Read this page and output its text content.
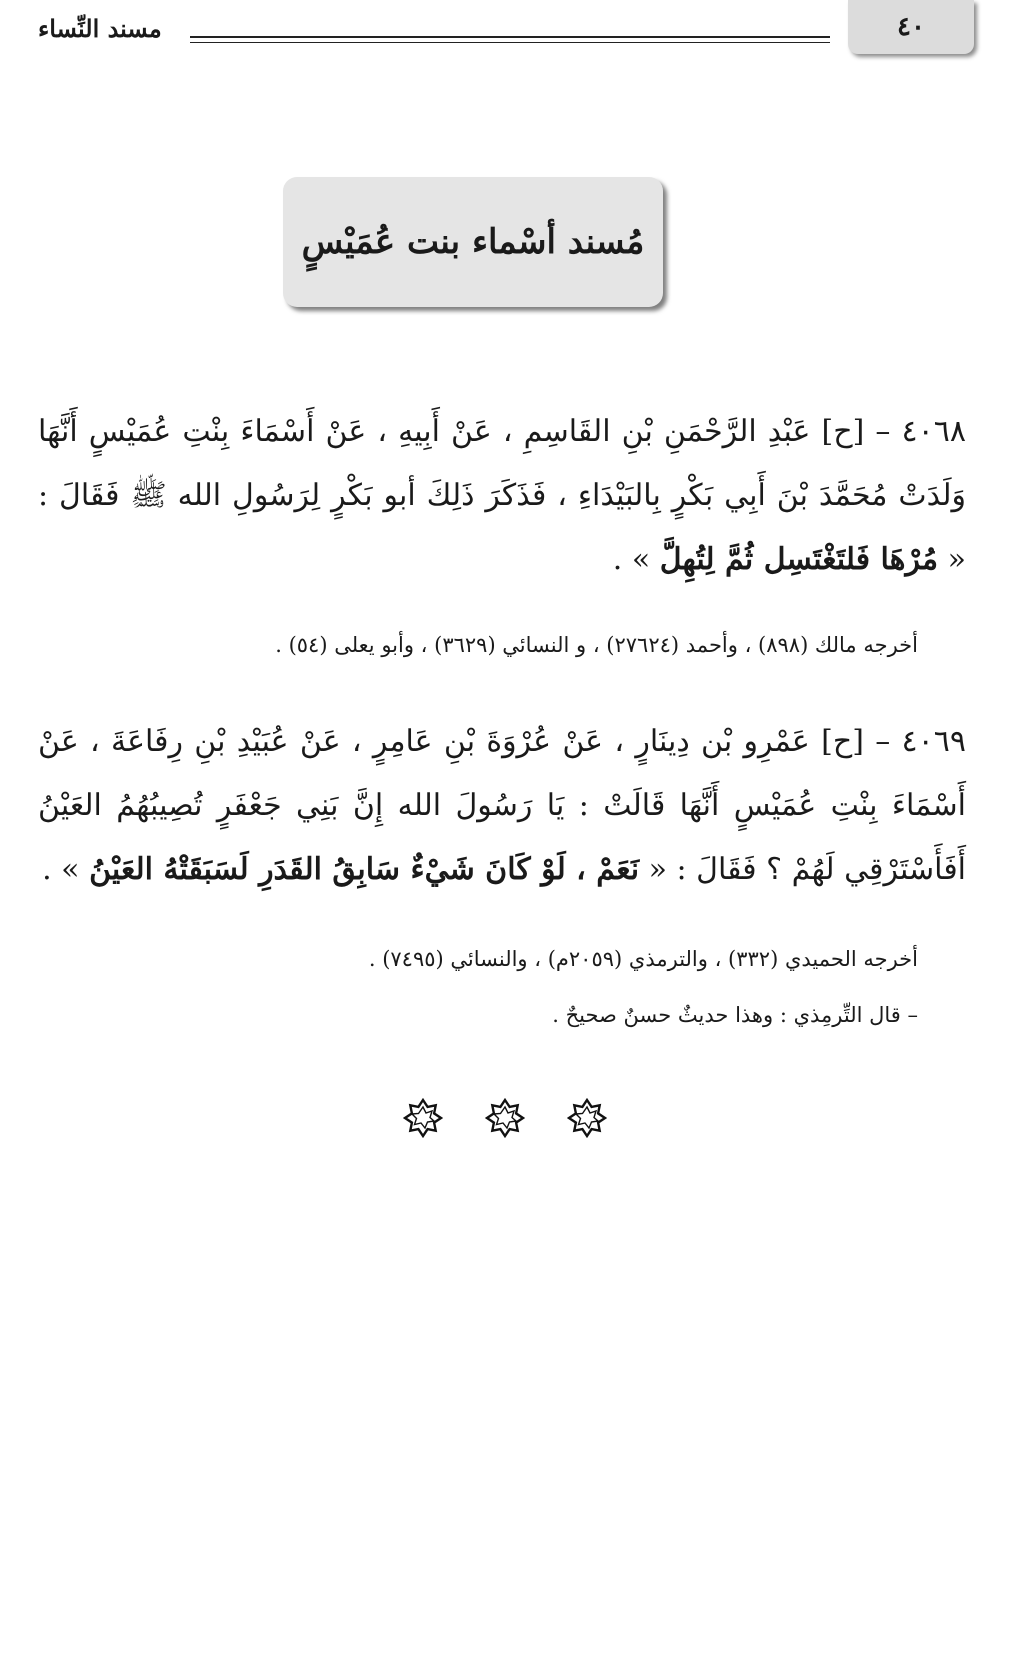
٤٠
مسند النِّساء
مُسند أسْماء بنت عُمَيْسٍ
٤٠٦٨ – [ح] عَبْدِ الرَّحْمَنِ بْنِ القَاسِمِ ، عَنْ أَبِيهِ ، عَنْ أَسْمَاءَ بِنْتِ عُمَيْسٍ أَنَّهَا وَلَدَتْ مُحَمَّدَ بْنَ أَبِي بَكْرٍ بِالبَيْدَاءِ ، فَذَكَرَ ذَلِكَ أبو بَكْرٍ لِرَسُولِ الله ﷺ فَقَالَ : « مُرْهَا فَلتَغْتَسِل ثُمَّ لِتُهِلَّ » .
أخرجه مالك (٨٩٨) ، وأحمد (٢٧٦٢٤) ، و النسائي (٣٦٢٩) ، وأبو يعلى (٥٤) .
٤٠٦٩ – [ح] عَمْرِو بْن دِينَارٍ ، عَنْ عُرْوَةَ بْنِ عَامِرٍ ، عَنْ عُبَيْدِ بْنِ رِفَاعَةَ ، عَنْ أَسْمَاءَ بِنْتِ عُمَيْسٍ أَنَّهَا قَالَتْ : يَا رَسُولَ الله إِنَّ بَنِي جَعْفَرٍ تُصِيبُهُمُ العَيْنُ أَفَأَسْتَرْقِي لَهُمْ ؟ فَقَالَ : « نَعَمْ ، لَوْ كَانَ شَيْءٌ سَابِقُ القَدَرِ لَسَبَقَتْهُ العَيْنُ » .
أخرجه الحميدي (٣٣٢) ، والترمذي (٢٠٥٩م) ، والنسائي (٧٤٩٥) .
– قال التِّرمِذي : وهذا حديثٌ حسنٌ صحيحٌ .
